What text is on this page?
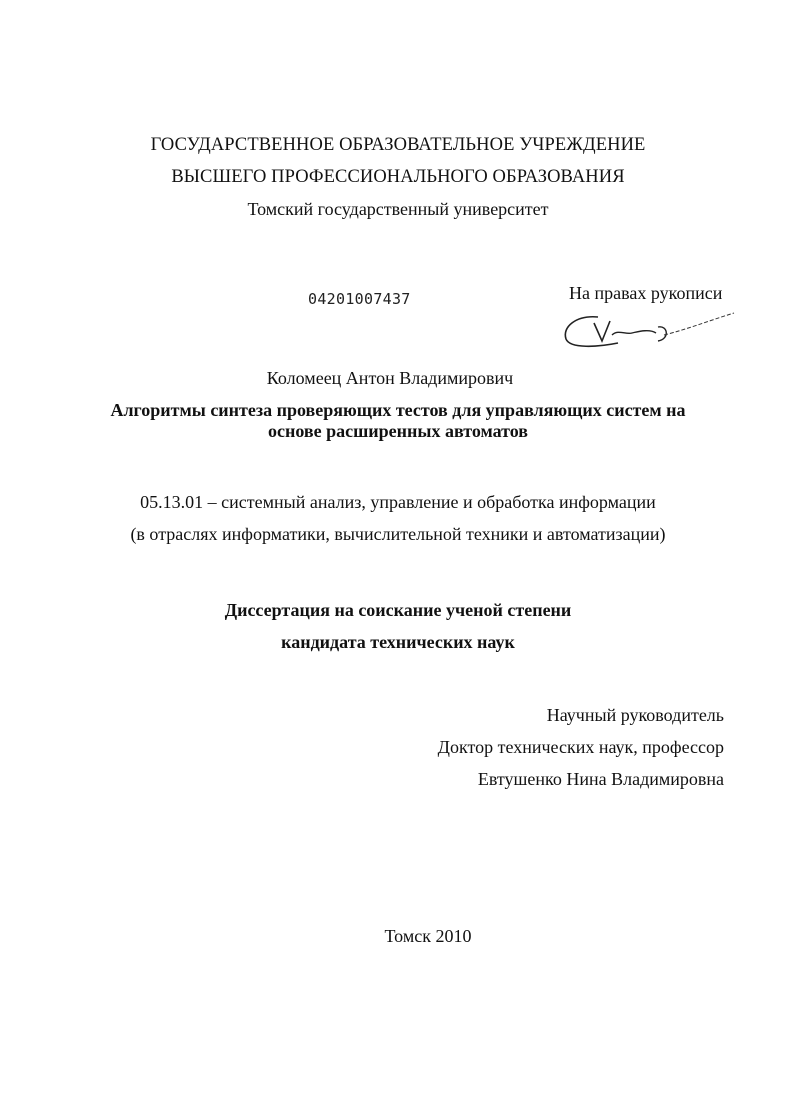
ГОСУДАРСТВЕННОЕ ОБРАЗОВАТЕЛЬНОЕ УЧРЕЖДЕНИЕ
ВЫСШЕГО ПРОФЕССИОНАЛЬНОГО ОБРАЗОВАНИЯ
Томский государственный университет
04201007437	На правах рукописи
Коломеец Антон Владимирович
Алгоритмы синтеза проверяющих тестов для управляющих систем на
основе расширенных автоматов
05.13.01 – системный анализ, управление и обработка информации
(в отраслях информатики, вычислительной техники и автоматизации)
Диссертация на соискание ученой степени
кандидата технических наук
Научный руководитель
Доктор технических наук, профессор
Евтушенко Нина Владимировна
Томск 2010
